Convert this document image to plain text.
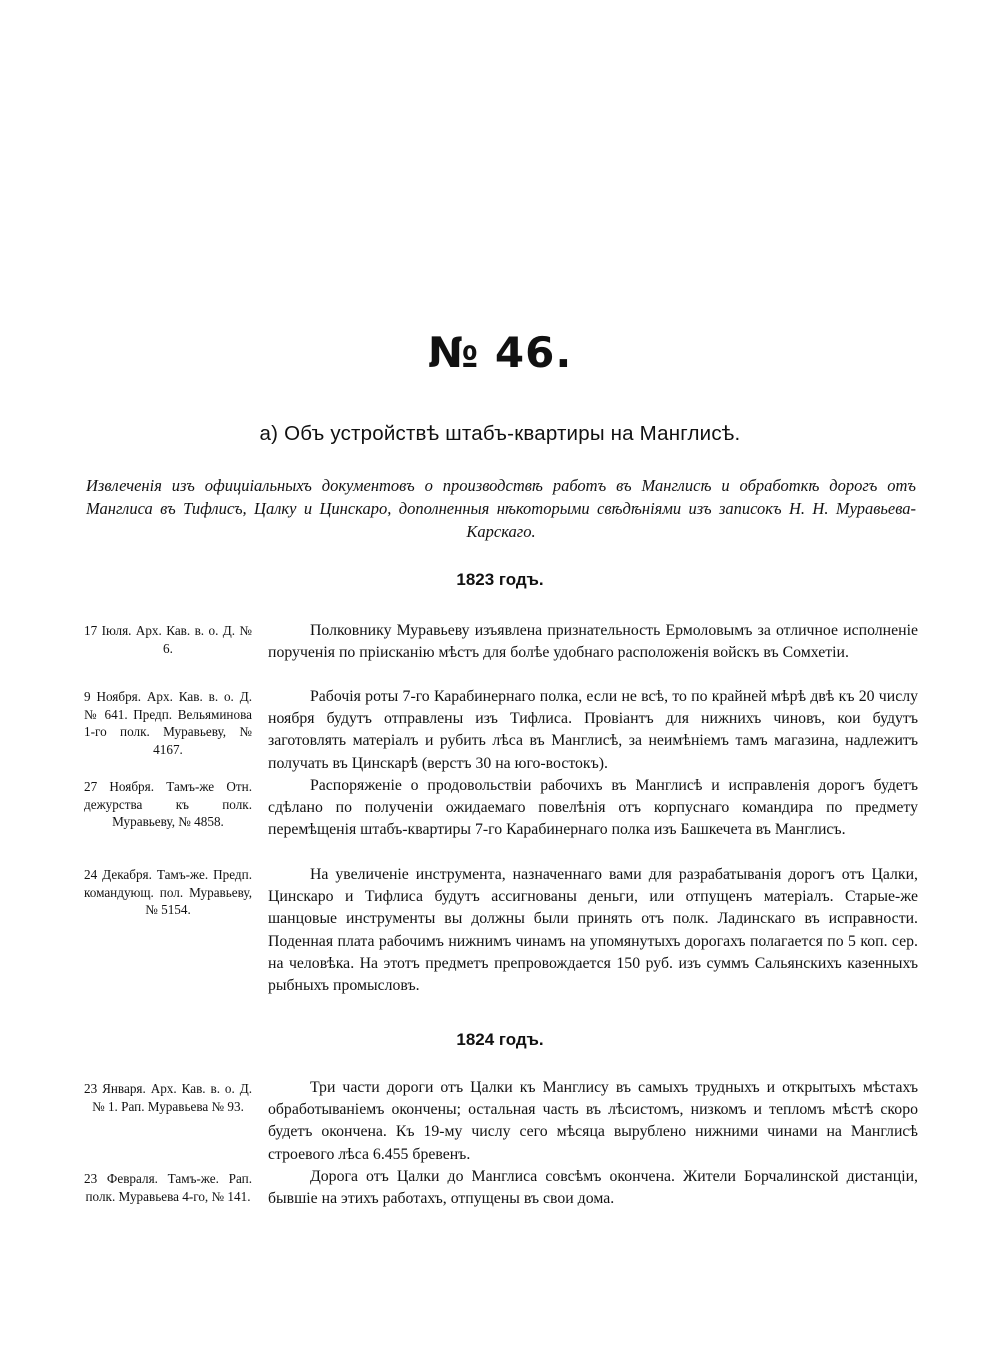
№ 46.
а) Объ устройствѣ штабъ-квартиры на Манглисѣ.
Извлеченія изъ официіальныхъ документовъ о производствѣ работъ въ Манглисѣ и обработкѣ дорогъ отъ Манглиса въ Тифлисъ, Цалку и Цинскаро, дополненныя нѣкоторыми свѣдѣніями изъ записокъ Н. Н. Муравьева-Карскаго.
1823 годъ.
17 Іюля. Арх. Кав. в. о. Д. № 6.
9 Ноября. Арх. Кав. в. о. Д. № 641. Предп. Вельяминова 1-го полк. Муравьеву, № 4167.
27 Ноября. Тамъ-же Отн. дежурства къ полк. Муравьеву, № 4858.
24 Декабря. Тамъ-же. Предп. командующ. пол. Муравьеву, № 5154.

Полковнику Муравьеву изъявлена признательность Ермоловымъ за отличное исполненіе порученія по пріисканію мѣстъ для болѣе удобнаго расположенія войскъ въ Сомхетіи.

Рабочія роты 7-го Карабинернаго полка, если не всѣ, то по крайней мѣрѣ двѣ къ 20 числу ноября будутъ отправлены изъ Тифлиса. Провіантъ для нижнихъ чиновъ, кои будутъ заготовлять матеріалъ и рубить лѣса въ Манглисѣ, за неимѣніемъ тамъ магазина, надлежитъ получать въ Цинскарѣ (верстъ 30 на юго-востокъ).

Распоряженіе о продовольствіи рабочихъ въ Манглисѣ и исправленія дорогъ будетъ сдѣлано по полученіи ожидаемаго повелѣнія отъ корпуснаго командира по предмету перемѣщенія штабъ-квартиры 7-го Карабинернаго полка изъ Башкечета въ Манглисъ.

На увеличеніе инструмента, назначеннаго вами для разрабатыванія дорогъ отъ Цалки, Цинскаро и Тифлиса будутъ ассигнованы деньги, или отпущенъ матеріалъ. Старые-же шанцовые инструменты вы должны были принять отъ полк. Ладинскаго въ исправности. Поденная плата рабочимъ нижнимъ чинамъ на упомянутыхъ дорогахъ полагается по 5 коп. сер. на человѣка. На этотъ предметъ препровождается 150 руб. изъ суммъ Сальянскихъ казенныхъ рыбныхъ промысловъ.

1824 годъ.
23 Января. Арх. Кав. в. о. Д. № 1. Рап. Муравьева № 93.
23 Февраля. Тамъ-же. Рап. полк. Муравьева 4-го, № 141.

Три части дороги отъ Цалки къ Манглису въ самыхъ трудныхъ и открытыхъ мѣстахъ обработываніемъ окончены; остальная часть въ лѣсистомъ, низкомъ и тепломъ мѣстѣ скоро будетъ окончена. Къ 19-му числу сего мѣсяца вырублено нижними чинами на Манглисѣ строевого лѣса 6.455 бревенъ.

Дорога отъ Цалки до Манглиса совсѣмъ окончена. Жители Борчалинской дистанціи, бывшіе на этихъ работахъ, отпущены въ свои дома.
